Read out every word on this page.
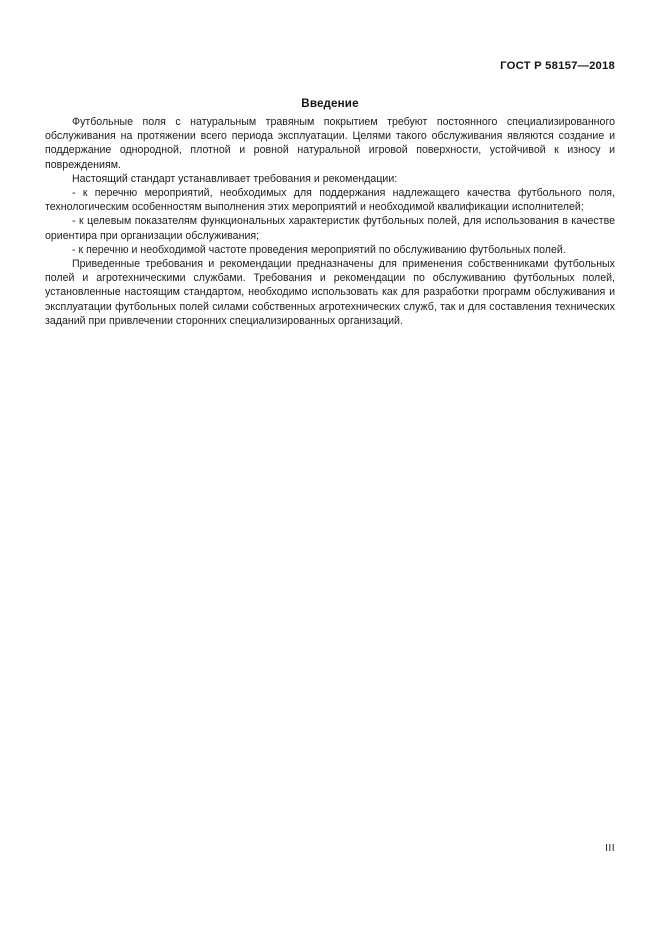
ГОСТ Р 58157—2018
Введение

Футбольные поля с натуральным травяным покрытием требуют постоянного специализированного обслуживания на протяжении всего периода эксплуатации. Целями такого обслуживания являются создание и поддержание однородной, плотной и ровной натуральной игровой поверхности, устойчивой к износу и повреждениям.

Настоящий стандарт устанавливает требования и рекомендации:

- к перечню мероприятий, необходимых для поддержания надлежащего качества футбольного поля, технологическим особенностям выполнения этих мероприятий и необходимой квалификации исполнителей;

- к целевым показателям функциональных характеристик футбольных полей, для использования в качестве ориентира при организации обслуживания;

- к перечню и необходимой частоте проведения мероприятий по обслуживанию футбольных полей.

Приведенные требования и рекомендации предназначены для применения собственниками футбольных полей и агротехническими службами. Требования и рекомендации по обслуживанию футбольных полей, установленные настоящим стандартом, необходимо использовать как для разработки программ обслуживания и эксплуатации футбольных полей силами собственных агротехнических служб, так и для составления технических заданий при привлечении сторонних специализированных организаций.

III
